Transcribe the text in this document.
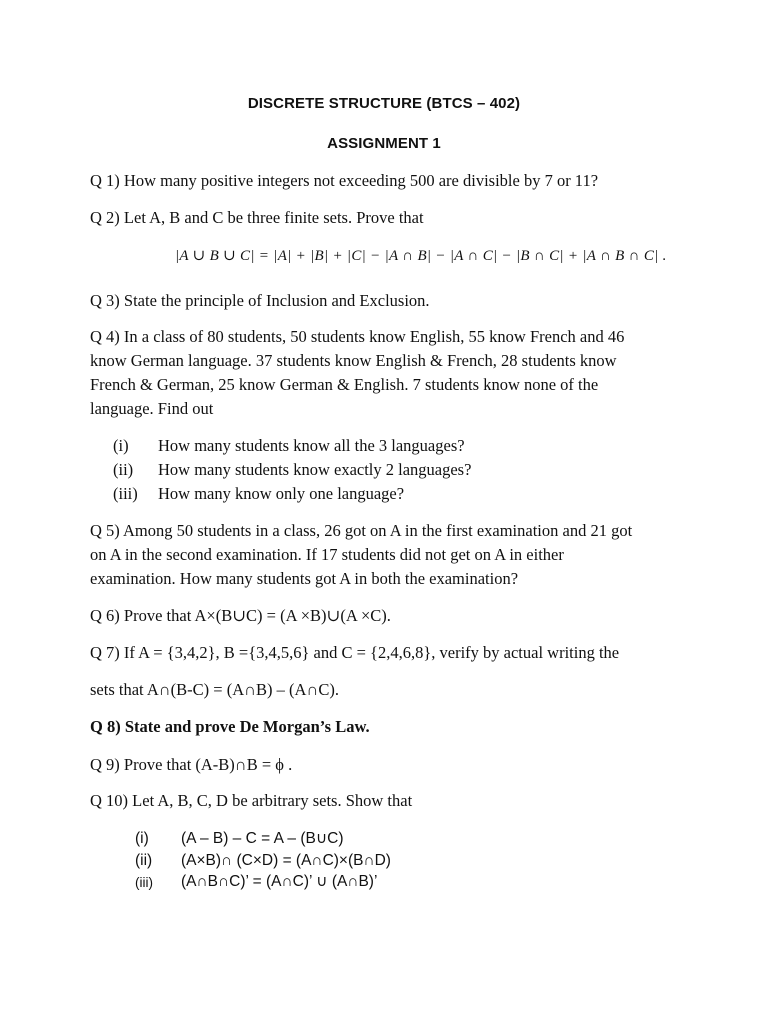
DISCRETE STRUCTURE (BTCS – 402)
ASSIGNMENT 1
Q 1) How many positive integers not exceeding 500 are divisible by 7 or 11?
Q 2) Let A, B and C be three finite sets. Prove that
|A ∪ B ∪ C| = |A| + |B| + |C| − |A ∩ B| − |A ∩ C| − |B ∩ C| + |A ∩ B ∩ C| .
Q 3) State the principle of Inclusion and Exclusion.
Q 4) In a class of 80 students, 50 students know English, 55 know French and 46
know German language. 37 students know English & French, 28 students know
French & German, 25 know German & English. 7 students know none of the
language. Find out
(i) How many students know all the 3 languages?
(ii) How many students know exactly 2 languages?
(iii) How many know only one language?
Q 5) Among 50 students in a class, 26 got on A in the first examination and 21 got
on A in the second examination. If 17 students did not get on A in either
examination. How many students got A in both the examination?
Q 6) Prove that A×(B∪C) = (A ×B)∪(A ×C).
Q 7) If A = {3,4,2}, B ={3,4,5,6} and C = {2,4,6,8}, verify by actual writing the
sets that A∩(B-C) = (A∩B) – (A∩C).
Q 8) State and prove De Morgan’s Law.
Q 9) Prove that (A-B)∩B = ϕ .
Q 10) Let A, B, C, D be arbitrary sets. Show that
(i) (A – B) – C = A – (B∪C)
(ii) (A×B)∩ (C×D) = (A∩C)×(B∩D)
(iii) (A∩B∩C)’ = (A∩C)’ ∪ (A∩B)’
